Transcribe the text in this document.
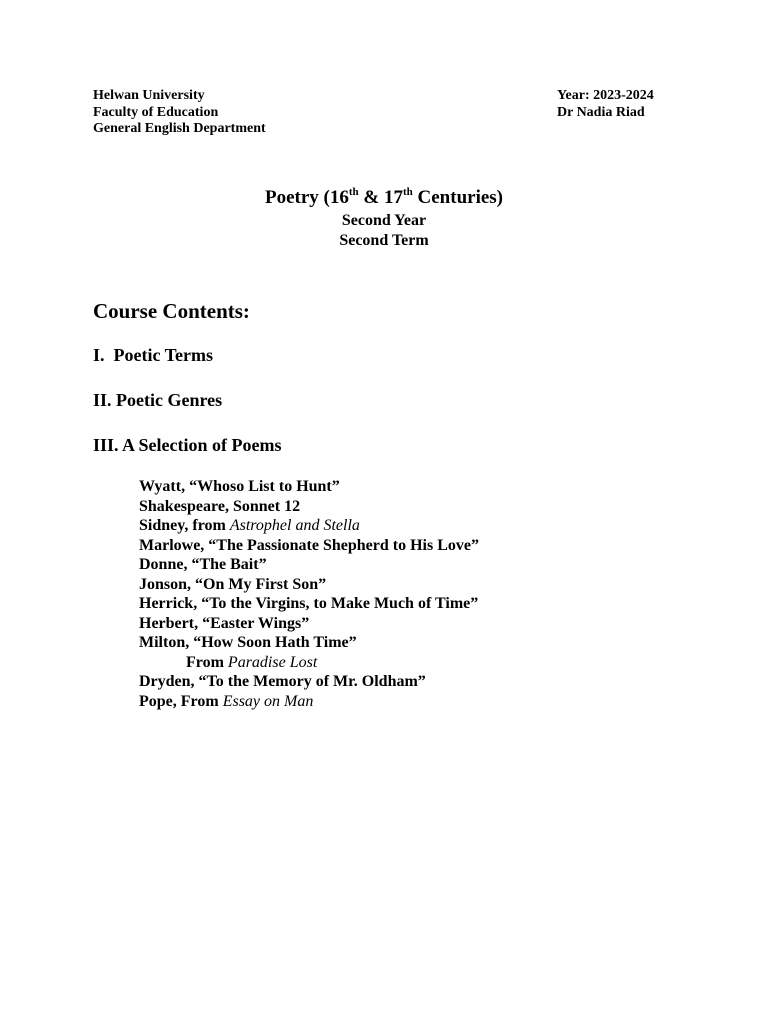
Helwan University
Faculty of Education
General English Department
Year: 2023-2024
Dr Nadia Riad
Poetry (16th & 17th Centuries)
Second Year
Second Term
Course Contents:
I.  Poetic Terms
II. Poetic Genres
III. A Selection of Poems
Wyatt, “Whoso List to Hunt”
Shakespeare, Sonnet 12
Sidney, from Astrophel and Stella
Marlowe, “The Passionate Shepherd to His Love”
Donne, “The Bait”
Jonson, “On My First Son”
Herrick, “To the Virgins, to Make Much of Time”
Herbert, “Easter Wings”
Milton, “How Soon Hath Time”
From Paradise Lost
Dryden, “To the Memory of Mr. Oldham”
Pope, From Essay on Man
